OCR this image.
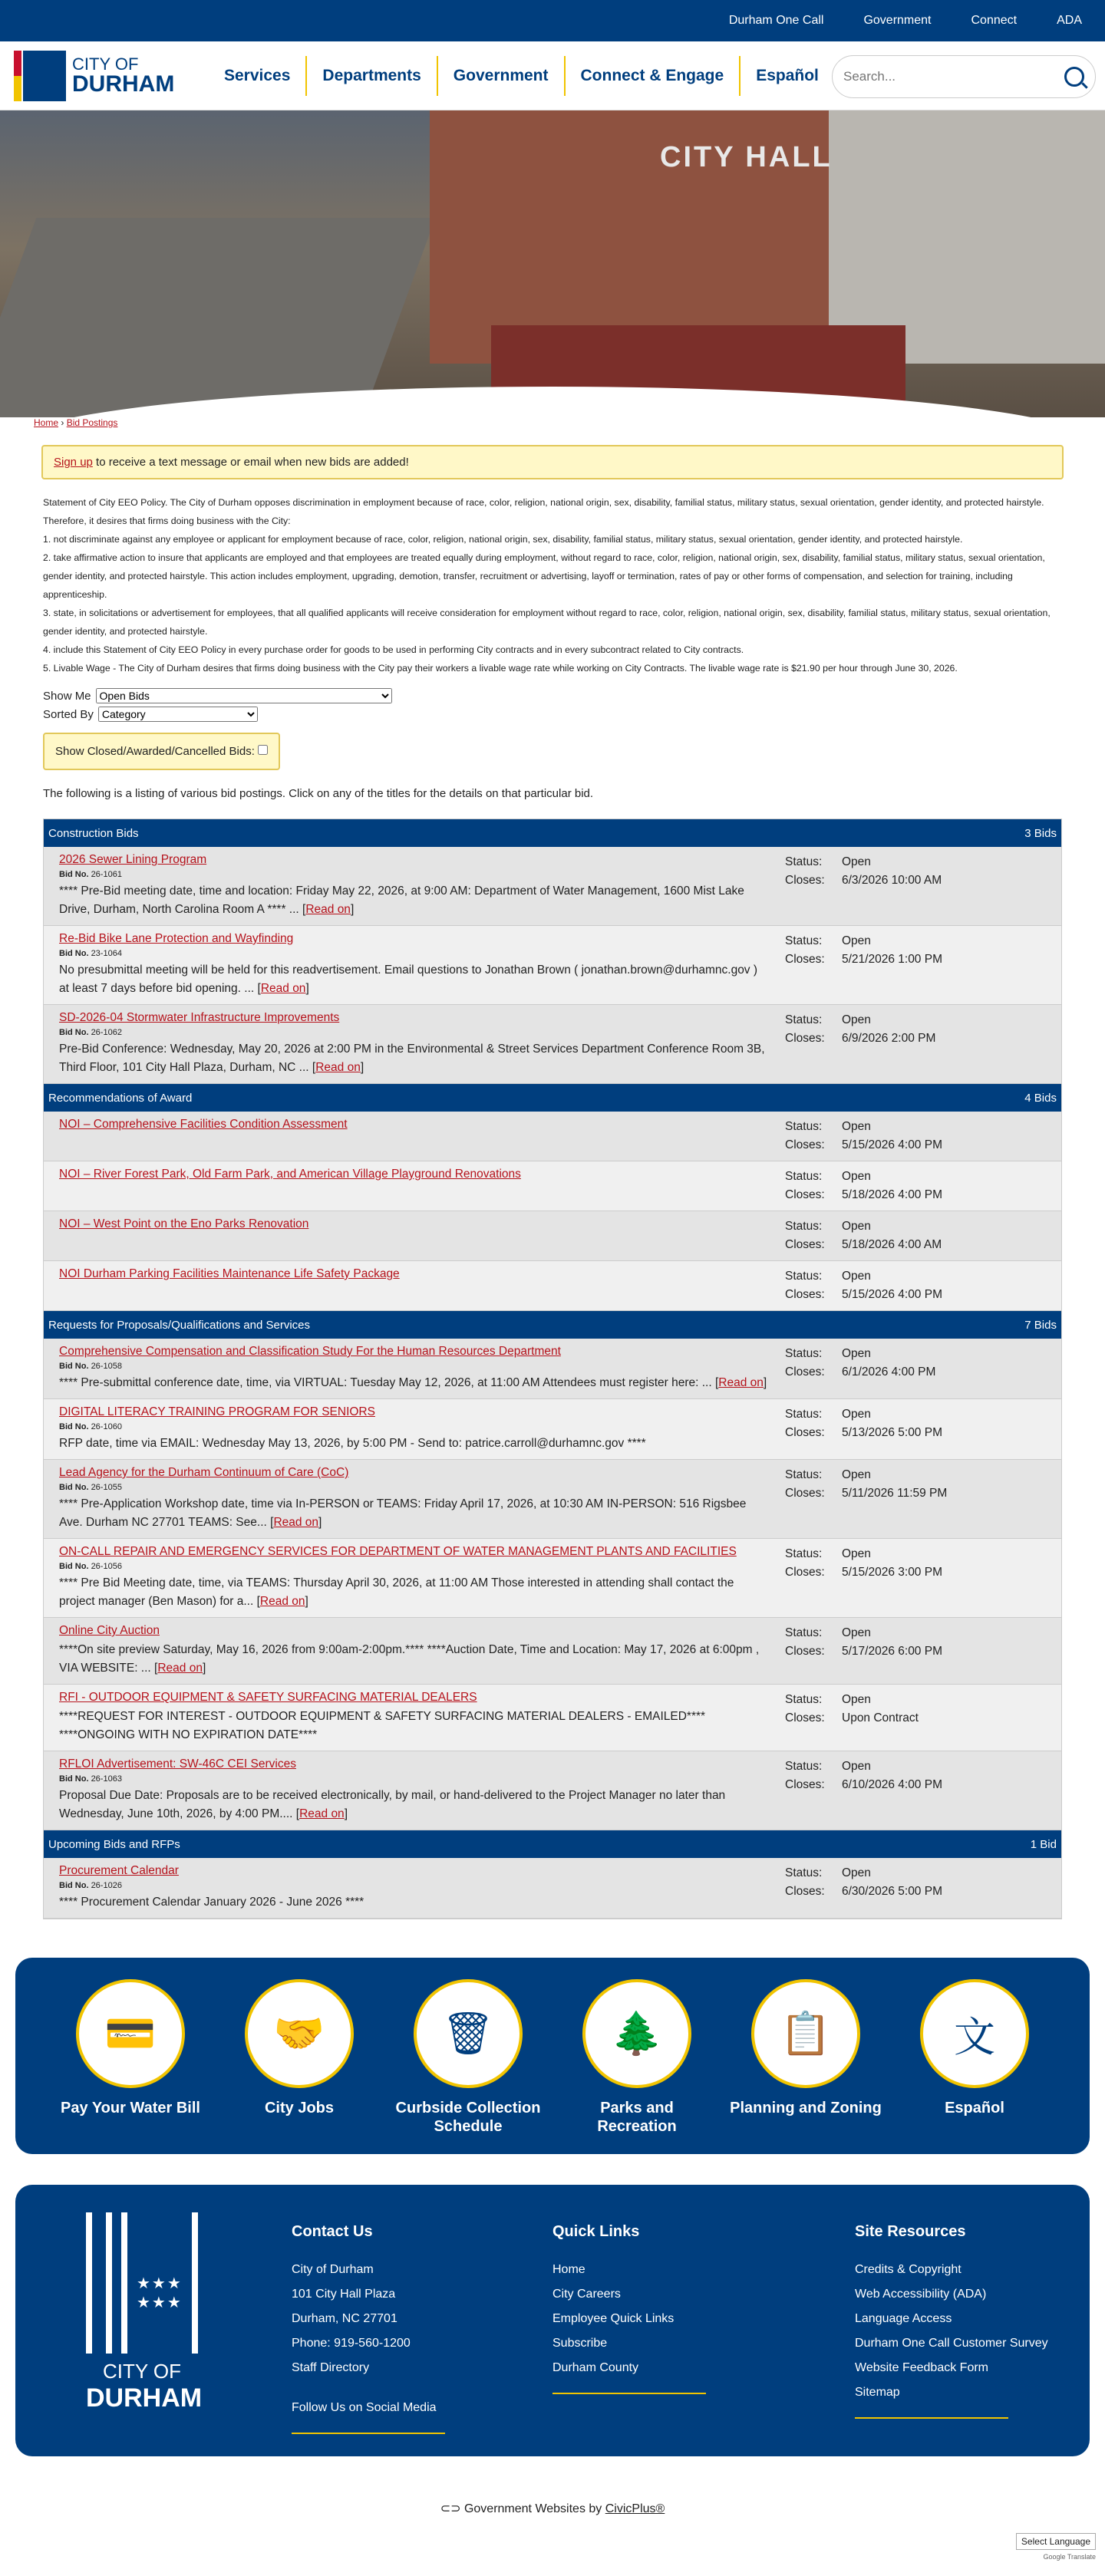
Durham One Call	Government	Connect	ADA
CITY OF
DURHAM	Services	Departments	Government	Connect & Engage	Español
Search...
CITY HALL
Home › Bid Postings
Sign up to receive a text message or email when new bids are added!
Statement of City EEO Policy. The City of Durham opposes discrimination in employment because of race, color, religion, national origin, sex, disability, familial status, military status, sexual orientation, gender identity, and protected hairstyle. Therefore, it desires that firms doing business with the City:
1. not discriminate against any employee or applicant for employment because of race, color, religion, national origin, sex, disability, familial status, military status, sexual orientation, gender identity, and protected hairstyle.
2. take affirmative action to insure that applicants are employed and that employees are treated equally during employment, without regard to race, color, religion, national origin, sex, disability, familial status, military status, sexual orientation, gender identity, and protected hairstyle. This action includes employment, upgrading, demotion, transfer, recruitment or advertising, layoff or termination, rates of pay or other forms of compensation, and selection for training, including apprenticeship.
3. state, in solicitations or advertisement for employees, that all qualified applicants will receive consideration for employment without regard to race, color, religion, national origin, sex, disability, familial status, military status, sexual orientation, gender identity, and protected hairstyle.
4. include this Statement of City EEO Policy in every purchase order for goods to be used in performing City contracts and in every subcontract related to City contracts.
5. Livable Wage - The City of Durham desires that firms doing business with the City pay their workers a livable wage rate while working on City Contracts. The livable wage rate is $21.90 per hour through June 30, 2026.
Show Me
Open Bids
Sorted By
Category
Show Closed/Awarded/Cancelled Bids:
The following is a listing of various bid postings. Click on any of the titles for the details on that particular bid.
Construction Bids	3 Bids
2026 Sewer Lining Program
Bid No. 26-1061
**** Pre-Bid meeting date, time and location: Friday May 22, 2026, at 9:00 AM: Department of Water Management, 1600 Mist Lake Drive, Durham, North Carolina Room A **** ... [Read on]
Status:	Open
Closes:	6/3/2026 10:00 AM
Re-Bid Bike Lane Protection and Wayfinding
Bid No. 23-1064
No presubmittal meeting will be held for this readvertisement. Email questions to Jonathan Brown ( jonathan.brown@durhamnc.gov ) at least 7 days before bid opening. ... [Read on]
Status:	Open
Closes:	5/21/2026 1:00 PM
SD-2026-04 Stormwater Infrastructure Improvements
Bid No. 26-1062
Pre-Bid Conference: Wednesday, May 20, 2026 at 2:00 PM in the Environmental & Street Services Department Conference Room 3B, Third Floor, 101 City Hall Plaza, Durham, NC ... [Read on]
Status:	Open
Closes:	6/9/2026 2:00 PM
Recommendations of Award	4 Bids
NOI – Comprehensive Facilities Condition Assessment	Status:	Open
Closes:	5/15/2026 4:00 PM
NOI – River Forest Park, Old Farm Park, and American Village Playground Renovations	Status:	Open
Closes:	5/18/2026 4:00 PM
NOI – West Point on the Eno Parks Renovation	Status:	Open
Closes:	5/18/2026 4:00 AM
NOI Durham Parking Facilities Maintenance Life Safety Package	Status:	Open
Closes:	5/15/2026 4:00 PM
Requests for Proposals/Qualifications and Services	7 Bids
Comprehensive Compensation and Classification Study For the Human Resources Department
Bid No. 26-1058
**** Pre-submittal conference date, time, via VIRTUAL: Tuesday May 12, 2026, at 11:00 AM Attendees must register here: ... [Read on]
Status:	Open
Closes:	6/1/2026 4:00 PM
DIGITAL LITERACY TRAINING PROGRAM FOR SENIORS
Bid No. 26-1060
RFP date, time via EMAIL: Wednesday May 13, 2026, by 5:00 PM - Send to: patrice.carroll@durhamnc.gov ****
Status:	Open
Closes:	5/13/2026 5:00 PM
Lead Agency for the Durham Continuum of Care (CoC)
Bid No. 26-1055
**** Pre-Application Workshop date, time via In-PERSON or TEAMS: Friday April 17, 2026, at 10:30 AM IN-PERSON: 516 Rigsbee Ave. Durham NC 27701 TEAMS: See... [Read on]
Status:	Open
Closes:	5/11/2026 11:59 PM
ON-CALL REPAIR AND EMERGENCY SERVICES FOR DEPARTMENT OF WATER MANAGEMENT PLANTS AND FACILITIES
Bid No. 26-1056
**** Pre Bid Meeting date, time, via TEAMS: Thursday April 30, 2026, at 11:00 AM Those interested in attending shall contact the project manager (Ben Mason) for a... [Read on]
Status:	Open
Closes:	5/15/2026 3:00 PM
Online City Auction
****On site preview Saturday, May 16, 2026 from 9:00am-2:00pm.**** ****Auction Date, Time and Location: May 17, 2026 at 6:00pm , VIA WEBSITE: ... [Read on]
Status:	Open
Closes:	5/17/2026 6:00 PM
RFI - OUTDOOR EQUIPMENT & SAFETY SURFACING MATERIAL DEALERS
****REQUEST FOR INTEREST - OUTDOOR EQUIPMENT & SAFETY SURFACING MATERIAL DEALERS - EMAILED**** ****ONGOING WITH NO EXPIRATION DATE****
Status:	Open
Closes:	Upon Contract
RFLOI Advertisement: SW-46C CEI Services
Bid No. 26-1063
Proposal Due Date: Proposals are to be received electronically, by mail, or hand-delivered to the Project Manager no later than Wednesday, June 10th, 2026, by 4:00 PM.... [Read on]
Status:	Open
Closes:	6/10/2026 4:00 PM
Upcoming Bids and RFPs	1 Bid
Procurement Calendar
Bid No. 26-1026
**** Procurement Calendar January 2026 - June 2026 ****
Status:	Open
Closes:	6/30/2026 5:00 PM
💳
Pay Your Water Bill
🤝
City Jobs
🗑
Curbside Collection Schedule
🌲
Parks and Recreation
📋
Planning and Zoning
文
Español
★★★
★★★
CITY OF
DURHAM
Contact Us
City of Durham
101 City Hall Plaza
Durham, NC 27701
Phone: 919-560-1200
Staff Directory
Follow Us on Social Media
Quick Links
Home
City Careers
Employee Quick Links
Subscribe
Durham County
Site Resources
Credits & Copyright
Web Accessibility (ADA)
Language Access
Durham One Call Customer Survey
Website Feedback Form
Sitemap
⊂⊃ Government Websites by CivicPlus®
Select Language
Google Translate
